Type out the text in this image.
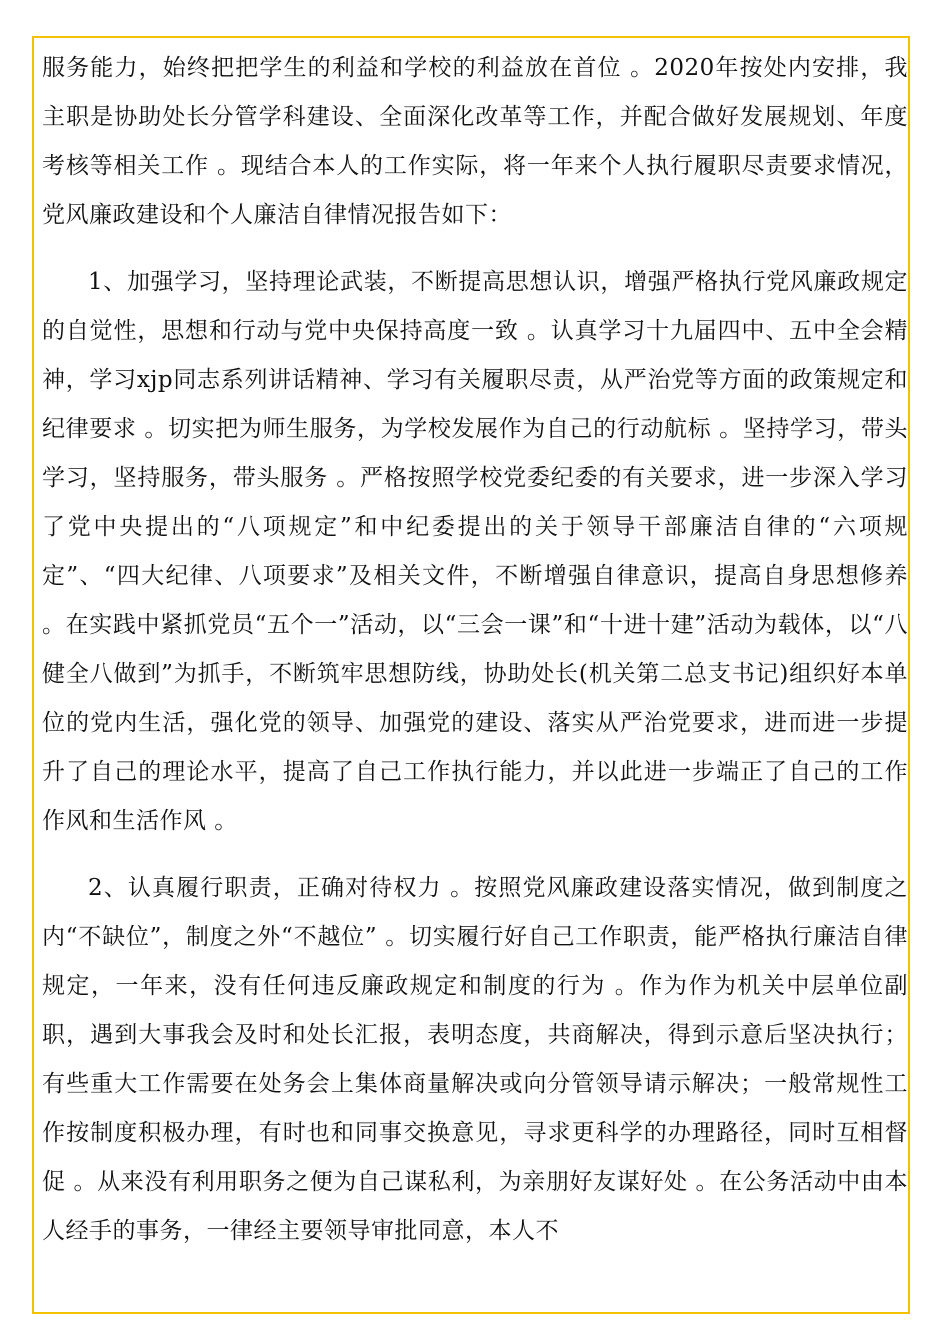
服务能力，始终把把学生的利益和学校的利益放在首位 。2020年按处内安排，我主职是协助处长分管学科建设、全面深化改革等工作，并配合做好发展规划、年度考核等相关工作 。现结合本人的工作实际，将一年来个人执行履职尽责要求情况，党风廉政建设和个人廉洁自律情况报告如下：

1、加强学习，坚持理论武装，不断提高思想认识，增强严格执行党风廉政规定的自觉性，思想和行动与党中央保持高度一致 。认真学习十九届四中、五中全会精神，学习xjp同志系列讲话精神、学习有关履职尽责，从严治党等方面的政策规定和纪律要求 。切实把为师生服务，为学校发展作为自己的行动航标 。坚持学习，带头学习，坚持服务，带头服务 。严格按照学校党委纪委的有关要求，进一步深入学习了党中央提出的“八项规定”和中纪委提出的关于领导干部廉洁自律的“六项规定”、“四大纪律、八项要求”及相关文件，不断增强自律意识，提高自身思想修养 。在实践中紧抓党员“五个一”活动，以“三会一课”和“十进十建”活动为载体，以“八健全八做到”为抓手，不断筑牢思想防线，协助处长(机关第二总支书记)组织好本单位的党内生活，强化党的领导、加强党的建设、落实从严治党要求，进而进一步提升了自己的理论水平，提高了自己工作执行能力，并以此进一步端正了自己的工作作风和生活作风 。

2、认真履行职责，正确对待权力 。按照党风廉政建设落实情况，做到制度之内“不缺位”，制度之外“不越位” 。切实履行好自己工作职责，能严格执行廉洁自律规定，一年来，没有任何违反廉政规定和制度的行为 。作为作为机关中层单位副职，遇到大事我会及时和处长汇报，表明态度，共商解决，得到示意后坚决执行；有些重大工作需要在处务会上集体商量解决或向分管领导请示解决；一般常规性工作按制度积极办理，有时也和同事交换意见，寻求更科学的办理路径，同时互相督促 。从来没有利用职务之便为自己谋私利，为亲朋好友谋好处 。在公务活动中由本人经手的事务，一律经主要领导审批同意，本人不
